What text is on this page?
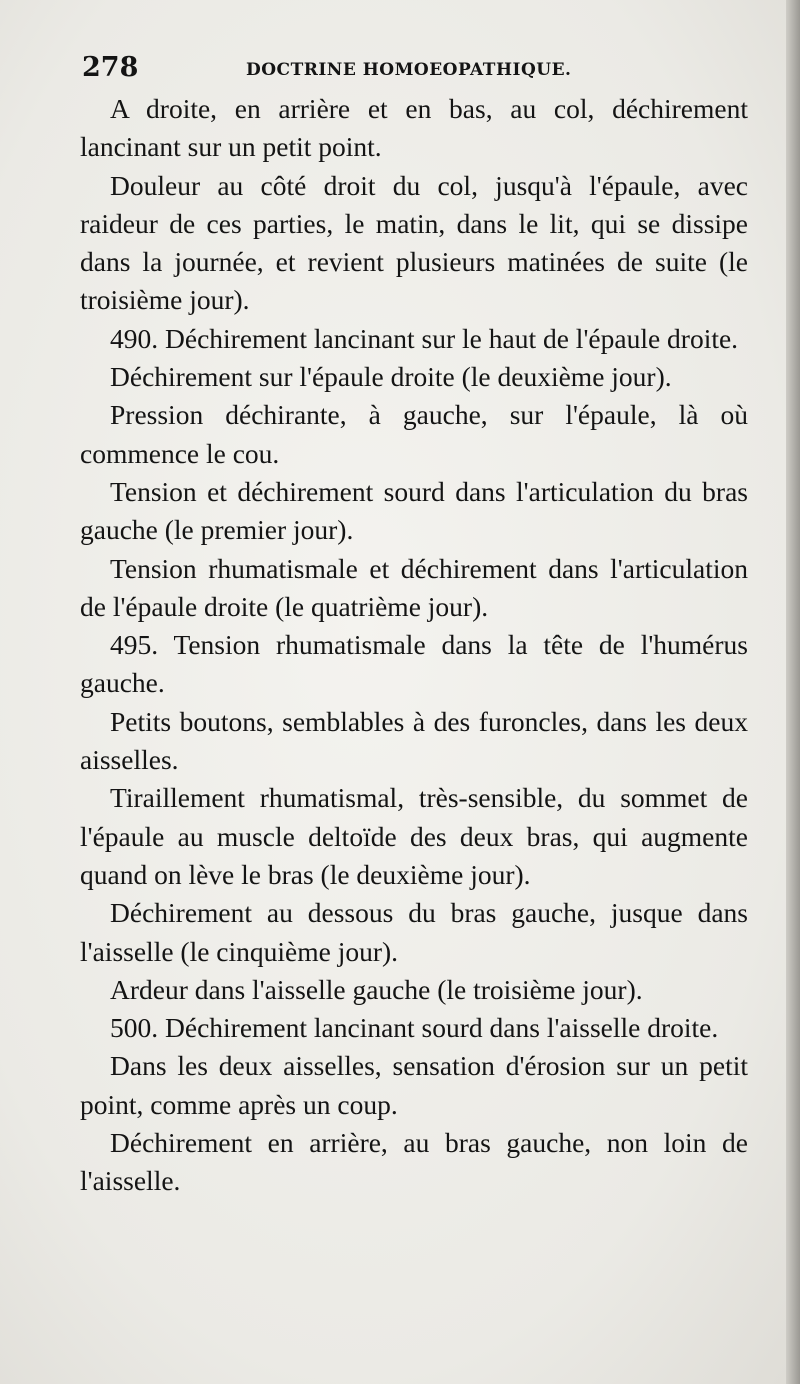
278	DOCTRINE HOMOEOPATHIQUE.

A droite, en arrière et en bas, au col, déchirement lancinant sur un petit point.

Douleur au côté droit du col, jusqu'à l'épaule, avec raideur de ces parties, le matin, dans le lit, qui se dissipe dans la journée, et revient plusieurs matinées de suite (le troisième jour).

490. Déchirement lancinant sur le haut de l'épaule droite.

Déchirement sur l'épaule droite (le deuxième jour).

Pression déchirante, à gauche, sur l'épaule, là où commence le cou.

Tension et déchirement sourd dans l'articulation du bras gauche (le premier jour).

Tension rhumatismale et déchirement dans l'articulation de l'épaule droite (le quatrième jour).

495. Tension rhumatismale dans la tête de l'humérus gauche.

Petits boutons, semblables à des furoncles, dans les deux aisselles.

Tiraillement rhumatismal, très-sensible, du sommet de l'épaule au muscle deltoïde des deux bras, qui augmente quand on lève le bras (le deuxième jour).

Déchirement au dessous du bras gauche, jusque dans l'aisselle (le cinquième jour).

Ardeur dans l'aisselle gauche (le troisième jour).

500. Déchirement lancinant sourd dans l'aisselle droite.

Dans les deux aisselles, sensation d'érosion sur un petit point, comme après un coup.

Déchirement en arrière, au bras gauche, non loin de l'aisselle.
